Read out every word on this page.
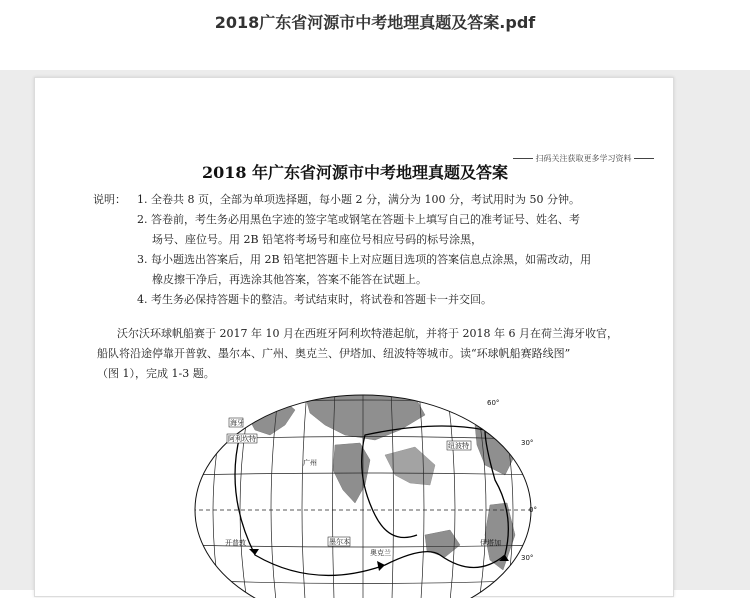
2018广东省河源市中考地理真题及答案.pdf
扫码关注获取更多学习资料
2018 年广东省河源市中考地理真题及答案
说明： 1. 全卷共 8 页，全部为单项选择题，每小题 2 分，满分为 100 分，考试用时为 50 分钟。
2. 答卷前，考生务必用黑色字迹的签字笔或钢笔在答题卡上填写自己的准考证号、姓名、考
场号、座位号。用 2B 铅笔将考场号和座位号相应号码的标号涂黑，
3. 每小题选出答案后，用 2B 铅笔把答题卡上对应题目选项的答案信息点涂黑，如需改动，用
橡皮擦干净后，再选涂其他答案，答案不能答在试题上。
4. 考生务必保持答题卡的整洁。考试结束时，将试卷和答题卡一并交回。
沃尔沃环球帆船赛于 2017 年 10 月在西班牙阿利坎特港起航，并将于 2018 年 6 月在荷兰海牙收官，
船队将沿途停靠开普敦、墨尔本、广州、奥克兰、伊塔加、纽波特等城市。读“环球帆船赛路线图”
（图 1），完成 1-3 题。
海牙
阿利坎特
纽波特
广州
开普敦	墨尔本
奥克兰
伊塔加
60°
30°
0°
30°
